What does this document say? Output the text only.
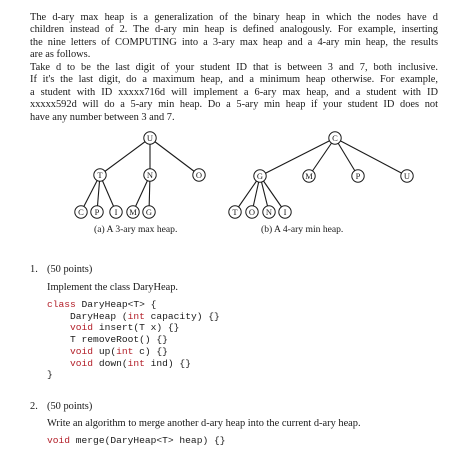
The d-ary max heap is a generalization of the binary heap in which the nodes have d
children instead of 2. The d-ary min heap is defined analogously. For example, inserting
the nine letters of COMPUTING into a 3-ary max heap and a 4-ary min heap, the results
are as follows.
Take d to be the last digit of your student ID that is between 3 and 7, both inclusive.
If it's the last digit, do a maximum heap, and a minimum heap otherwise. For example,
a student with ID xxxxx716d will implement a 6-ary max heap, and a student with ID
xxxxx592d will do a 5-ary min heap. Do a 5-ary min heap if your student ID does not
have any number between 3 and 7.
U
T	N	O
C P I M G
(a) A 3-ary max heap.
C
G	M	P	U
T O N I
(b) A 4-ary min heap.
1. (50 points)
Implement the class DaryHeap.
class DaryHeap<T> {
DaryHeap (int capacity) {}
void insert(T x) {}
T removeRoot() {}
void up(int c) {}
void down(int ind) {}
}
2. (50 points)
Write an algorithm to merge another d-ary heap into the current d-ary heap.
void merge(DaryHeap<T> heap) {}
